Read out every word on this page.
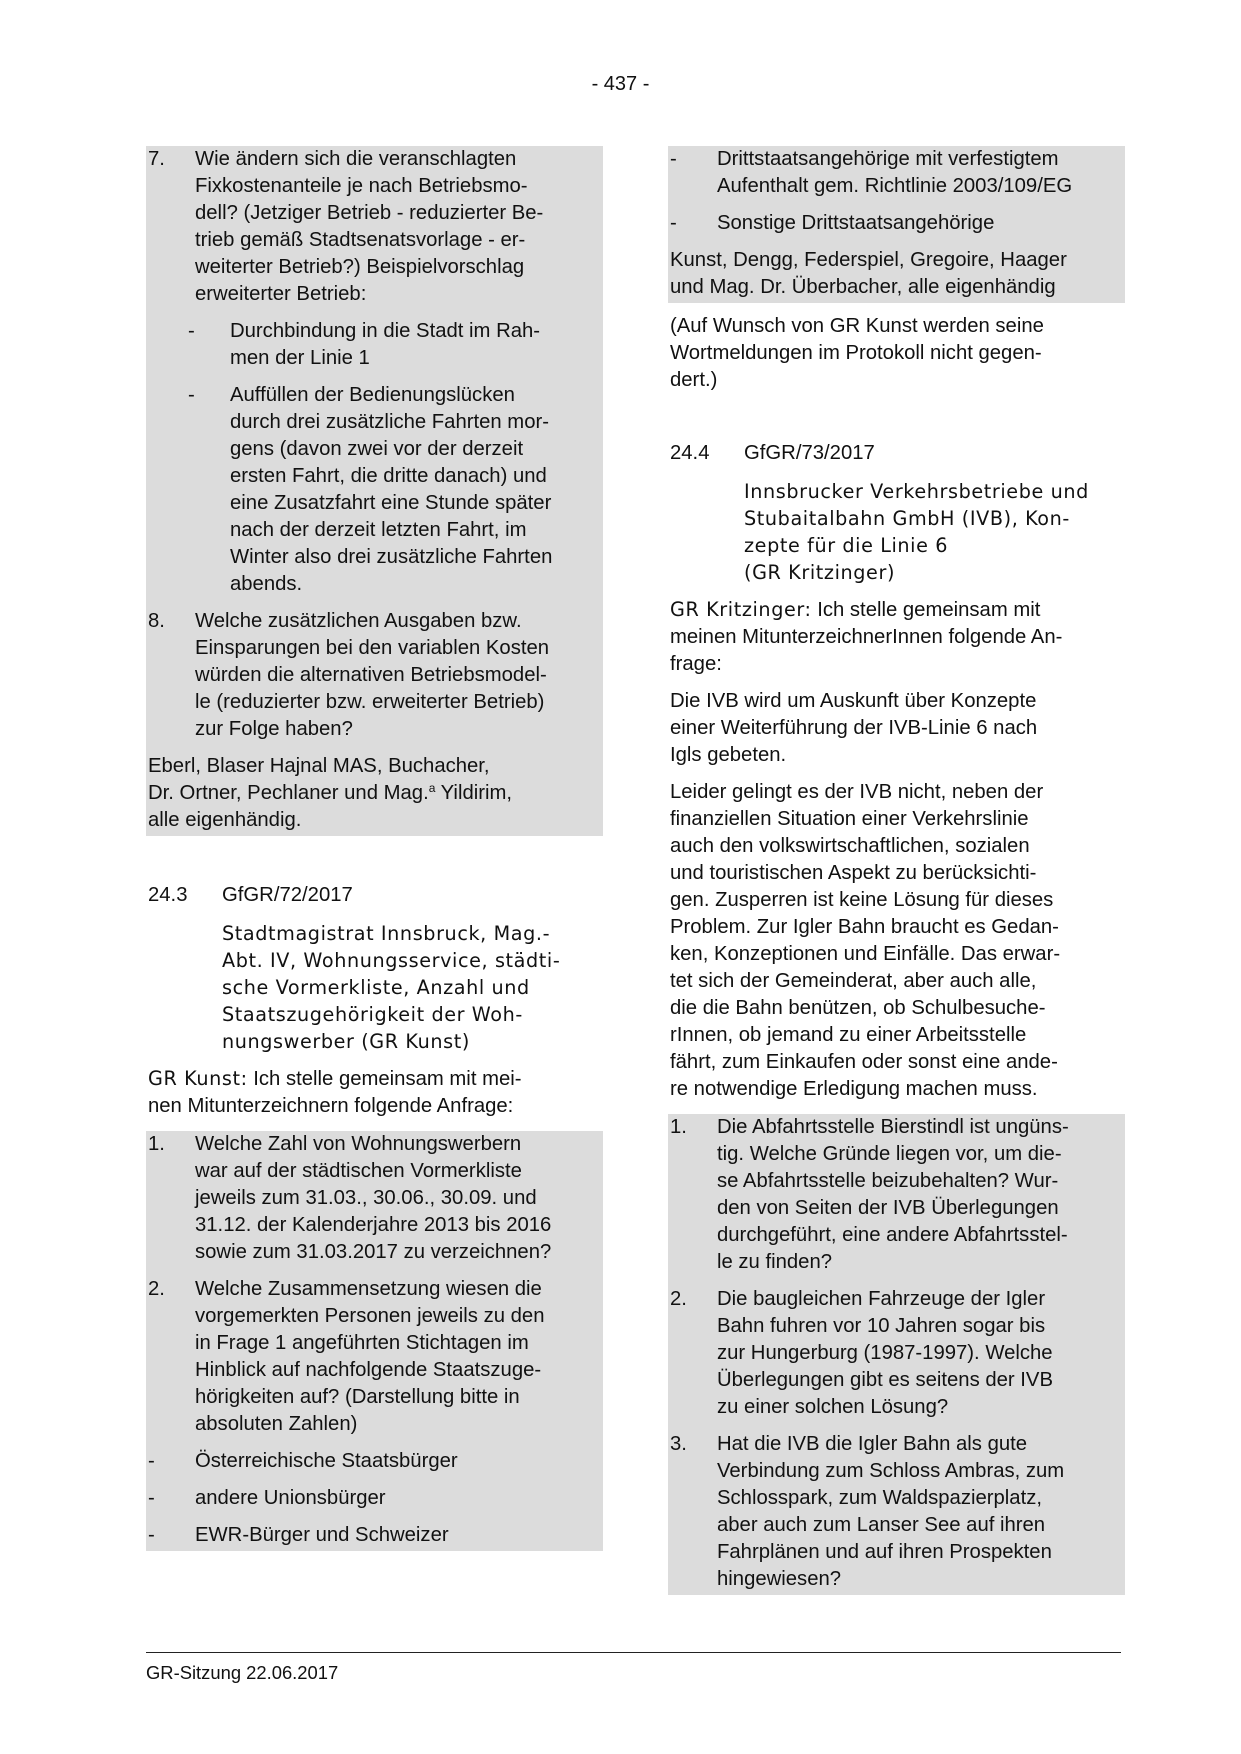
- 437 -
7. Wie ändern sich die veranschlagten
Fixkostenanteile je nach Betriebsmo-
dell? (Jetziger Betrieb - reduzierter Be-
trieb gemäß Stadtsenatsvorlage - er-
weiterter Betrieb?) Beispielvorschlag
erweiterter Betrieb:
- Durchbindung in die Stadt im Rah-
men der Linie 1
- Auffüllen der Bedienungslücken
durch drei zusätzliche Fahrten mor-
gens (davon zwei vor der derzeit
ersten Fahrt, die dritte danach) und
eine Zusatzfahrt eine Stunde später
nach der derzeit letzten Fahrt, im
Winter also drei zusätzliche Fahrten
abends.
8. Welche zusätzlichen Ausgaben bzw.
Einsparungen bei den variablen Kosten
würden die alternativen Betriebsmodel-
le (reduzierter bzw. erweiterter Betrieb)
zur Folge haben?
Eberl, Blaser Hajnal MAS, Buchacher,
Dr. Ortner, Pechlaner und Mag.$^a$ Yildirim,
alle eigenhändig.
24.3 GfGR/72/2017
Stadtmagistrat Innsbruck, Mag.-
Abt. IV, Wohnungsservice, städti-
sche Vormerkliste, Anzahl und
Staatszugehörigkeit der Woh-
nungswerber (GR Kunst)
GR Kunst: Ich stelle gemeinsam mit mei-
nen Mitunterzeichnern folgende Anfrage:
1. Welche Zahl von Wohnungswerbern
war auf der städtischen Vormerkliste
jeweils zum 31.03., 30.06., 30.09. und
31.12. der Kalenderjahre 2013 bis 2016
sowie zum 31.03.2017 zu verzeichnen?
2. Welche Zusammensetzung wiesen die
vorgemerkten Personen jeweils zu den
in Frage 1 angeführten Stichtagen im
Hinblick auf nachfolgende Staatszuge-
hörigkeiten auf? (Darstellung bitte in
absoluten Zahlen)
- Österreichische Staatsbürger
- andere Unionsbürger
- EWR-Bürger und Schweizer
- Drittstaatsangehörige mit verfestigtem
Aufenthalt gem. Richtlinie 2003/109/EG
- Sonstige Drittstaatsangehörige
Kunst, Dengg, Federspiel, Gregoire, Haager
und Mag. Dr. Überbacher, alle eigenhändig
(Auf Wunsch von GR Kunst werden seine
Wortmeldungen im Protokoll nicht gegen-
dert.)
24.4 GfGR/73/2017
Innsbrucker Verkehrsbetriebe und
Stubaitalbahn GmbH (IVB), Kon-
zepte für die Linie 6
(GR Kritzinger)
GR Kritzinger: Ich stelle gemeinsam mit
meinen MitunterzeichnerInnen folgende An-
frage:
Die IVB wird um Auskunft über Konzepte
einer Weiterführung der IVB-Linie 6 nach
Igls gebeten.
Leider gelingt es der IVB nicht, neben der
finanziellen Situation einer Verkehrslinie
auch den volkswirtschaftlichen, sozialen
und touristischen Aspekt zu berücksichti-
gen. Zusperren ist keine Lösung für dieses
Problem. Zur Igler Bahn braucht es Gedan-
ken, Konzeptionen und Einfälle. Das erwar-
tet sich der Gemeinderat, aber auch alle,
die die Bahn benützen, ob Schulbesuche-
rInnen, ob jemand zu einer Arbeitsstelle
fährt, zum Einkaufen oder sonst eine ande-
re notwendige Erledigung machen muss.
1. Die Abfahrtsstelle Bierstindl ist ungüns-
tig. Welche Gründe liegen vor, um die-
se Abfahrtsstelle beizubehalten? Wur-
den von Seiten der IVB Überlegungen
durchgeführt, eine andere Abfahrtsstel-
le zu finden?
2. Die baugleichen Fahrzeuge der Igler
Bahn fuhren vor 10 Jahren sogar bis
zur Hungerburg (1987-1997). Welche
Überlegungen gibt es seitens der IVB
zu einer solchen Lösung?
3. Hat die IVB die Igler Bahn als gute
Verbindung zum Schloss Ambras, zum
Schlosspark, zum Waldspazierplatz,
aber auch zum Lanser See auf ihren
Fahrplänen und auf ihren Prospekten
hingewiesen?
GR-Sitzung 22.06.2017
